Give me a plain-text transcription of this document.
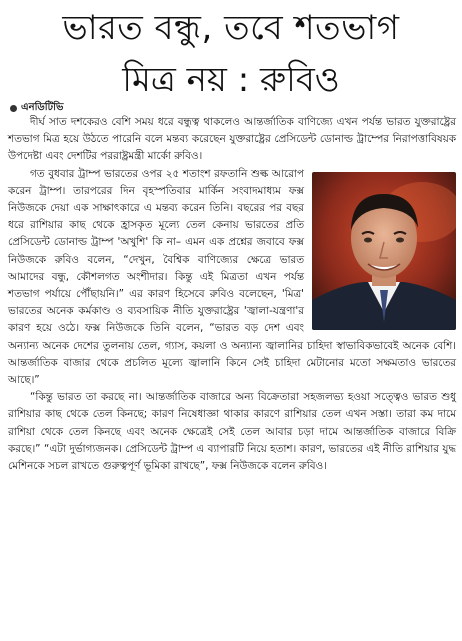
ভারত বন্ধু, তবে শতভাগ
মিত্র নয় : রুবিও
এনডিটিভি

দীর্ঘ সাত দশকেরও বেশি সময় ধরে বন্ধুত্ব থাকলেও আন্তর্জাতিক বাণিজ্যে এখন পর্যন্ত ভারত যুক্তরাষ্ট্রের শতভাগ মিত্র হয়ে উঠতে পারেনি বলে মন্তব্য করেছেন যুক্তরাষ্ট্রের প্রেসিডেন্ট ডোনাল্ড ট্রাম্পের নিরাপত্তাবিষয়ক উপদেষ্টা এবং দেশটির পররাষ্ট্রমন্ত্রী মার্কো রুবিও।

গত বুধবার ট্রাম্প ভারতের ওপর ২৫ শতাংশ রফতানি শুল্ক আরোপ করেন ট্রাম্প। তারপরের দিন বৃহস্পতিবার মার্কিন সংবাদমাধ্যম ফক্স নিউজকে দেয়া এক সাক্ষাৎকারে এ মন্তব্য করেন তিনি। বছরের পর বছর ধরে রাশিয়ার কাছ থেকে হ্রাসকৃত মূল্যে তেল কেনায় ভারতের প্রতি প্রেসিডেন্ট ডোনাল্ড ট্রাম্প 'অখুশি' কি না– এমন এক প্রশ্নের জবাবে ফক্স নিউজকে রুবিও বলেন, “দেখুন, বৈশ্বিক বাণিজ্যের ক্ষেত্রে ভারত আমাদের বন্ধু, কৌশলগত অংশীদার। কিন্তু এই মিত্রতা এখন পর্যন্ত শতভাগ পর্যায়ে পৌঁছায়নি।” এর কারণ হিসেবে রুবিও বলেছেন, 'মিত্র' ভারতের অনেক কর্মকাণ্ড ও ব্যবসায়িক নীতি যুক্তরাষ্ট্রের 'জ্বালা-যন্ত্রণা'র কারণ হয়ে ওঠে। ফক্স নিউজকে তিনি বলেন, “ভারত বড় দেশ এবং অন্যান্য অনেক দেশের তুলনায় তেল, গ্যাস, কয়লা ও অন্যান্য জ্বালানির চাহিদা স্বাভাবিকভাবেই অনেক বেশি। আন্তর্জাতিক বাজার থেকে প্রচলিত মূল্যে জ্বালানি কিনে সেই চাহিদা মেটানোর মতো সক্ষমতাও ভারতের আছে।”

“কিন্তু ভারত তা করছে না। আন্তর্জাতিক বাজারে অন্য বিক্রেতারা সহজলভ্য হওয়া সত্ত্বেও ভারত শুধু রাশিয়ার কাছ থেকে তেল কিনছে; কারণ নিষেধাজ্ঞা থাকার কারণে রাশিয়ার তেল এখন সস্তা। তারা কম দামে রাশিয়া থেকে তেল কিনছে এবং অনেক ক্ষেত্রেই সেই তেল আবার চড়া দামে আন্তর্জাতিক বাজারে বিক্রি করছে।” “এটা দুর্ভাগ্যজনক। প্রেসিডেন্ট ট্রাম্প এ ব্যাপারটি নিয়ে হতাশ। কারণ, ভারতের এই নীতি রাশিয়ার যুদ্ধ মেশিনকে সচল রাখতে গুরুত্বপূর্ণ ভূমিকা রাখছে”, ফক্স নিউজকে বলেন রুবিও।
